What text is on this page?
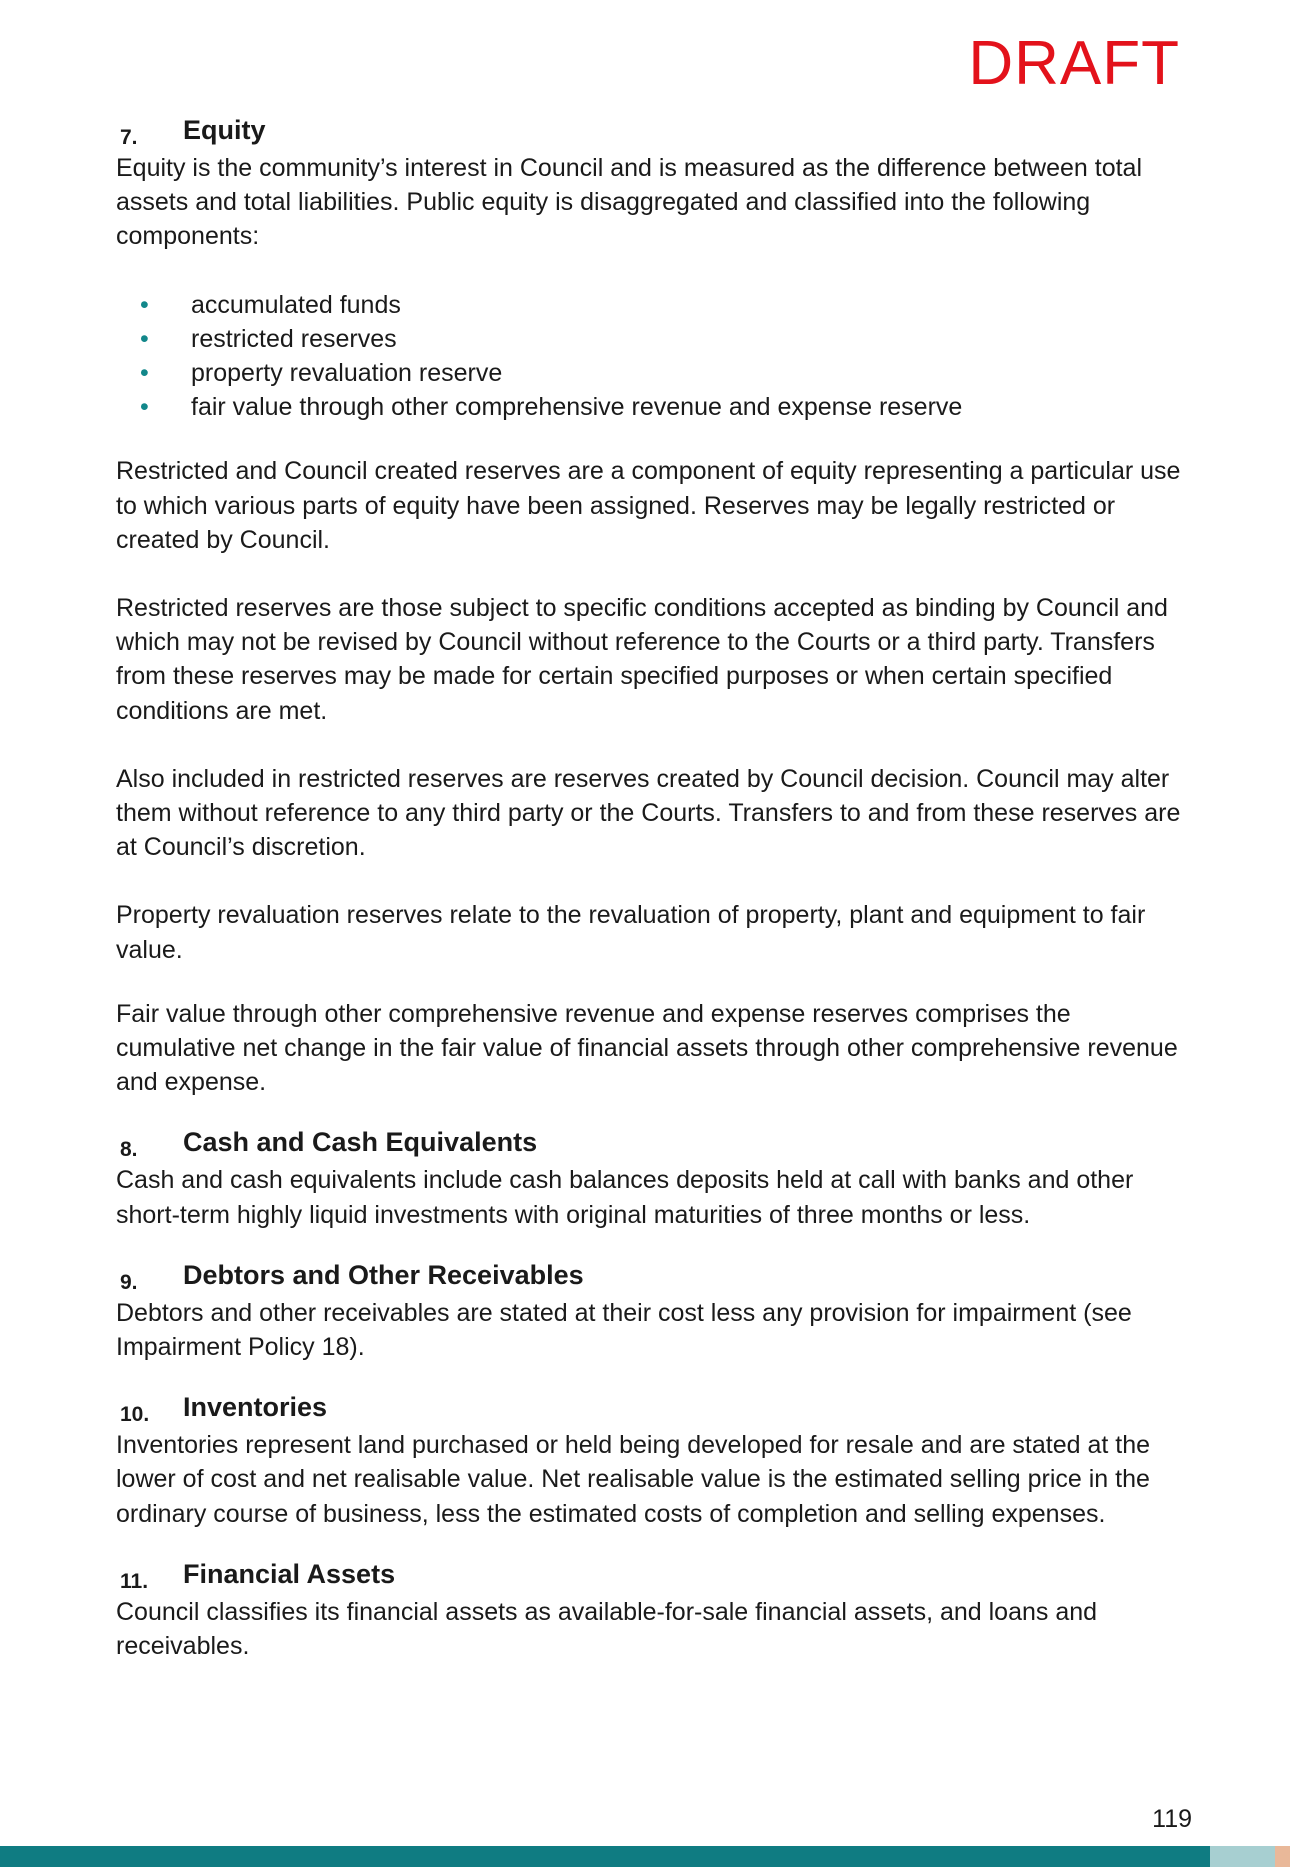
DRAFT
7. Equity

Equity is the community’s interest in Council and is measured as the difference between total assets and total liabilities. Public equity is disaggregated and classified into the following components:

• accumulated funds
• restricted reserves
• property revaluation reserve
• fair value through other comprehensive revenue and expense reserve

Restricted and Council created reserves are a component of equity representing a particular use to which various parts of equity have been assigned. Reserves may be legally restricted or created by Council.

Restricted reserves are those subject to specific conditions accepted as binding by Council and which may not be revised by Council without reference to the Courts or a third party. Transfers from these reserves may be made for certain specified purposes or when certain specified conditions are met.

Also included in restricted reserves are reserves created by Council decision. Council may alter them without reference to any third party or the Courts. Transfers to and from these reserves are at Council’s discretion.

Property revaluation reserves relate to the revaluation of property, plant and equipment to fair value.

Fair value through other comprehensive revenue and expense reserves comprises the cumulative net change in the fair value of financial assets through other comprehensive revenue and expense.

8. Cash and Cash Equivalents

Cash and cash equivalents include cash balances deposits held at call with banks and other short-term highly liquid investments with original maturities of three months or less.

9. Debtors and Other Receivables

Debtors and other receivables are stated at their cost less any provision for impairment (see Impairment Policy 18).

10. Inventories

Inventories represent land purchased or held being developed for resale and are stated at the lower of cost and net realisable value. Net realisable value is the estimated selling price in the ordinary course of business, less the estimated costs of completion and selling expenses.

11. Financial Assets

Council classifies its financial assets as available-for-sale financial assets, and loans and receivables.

119
